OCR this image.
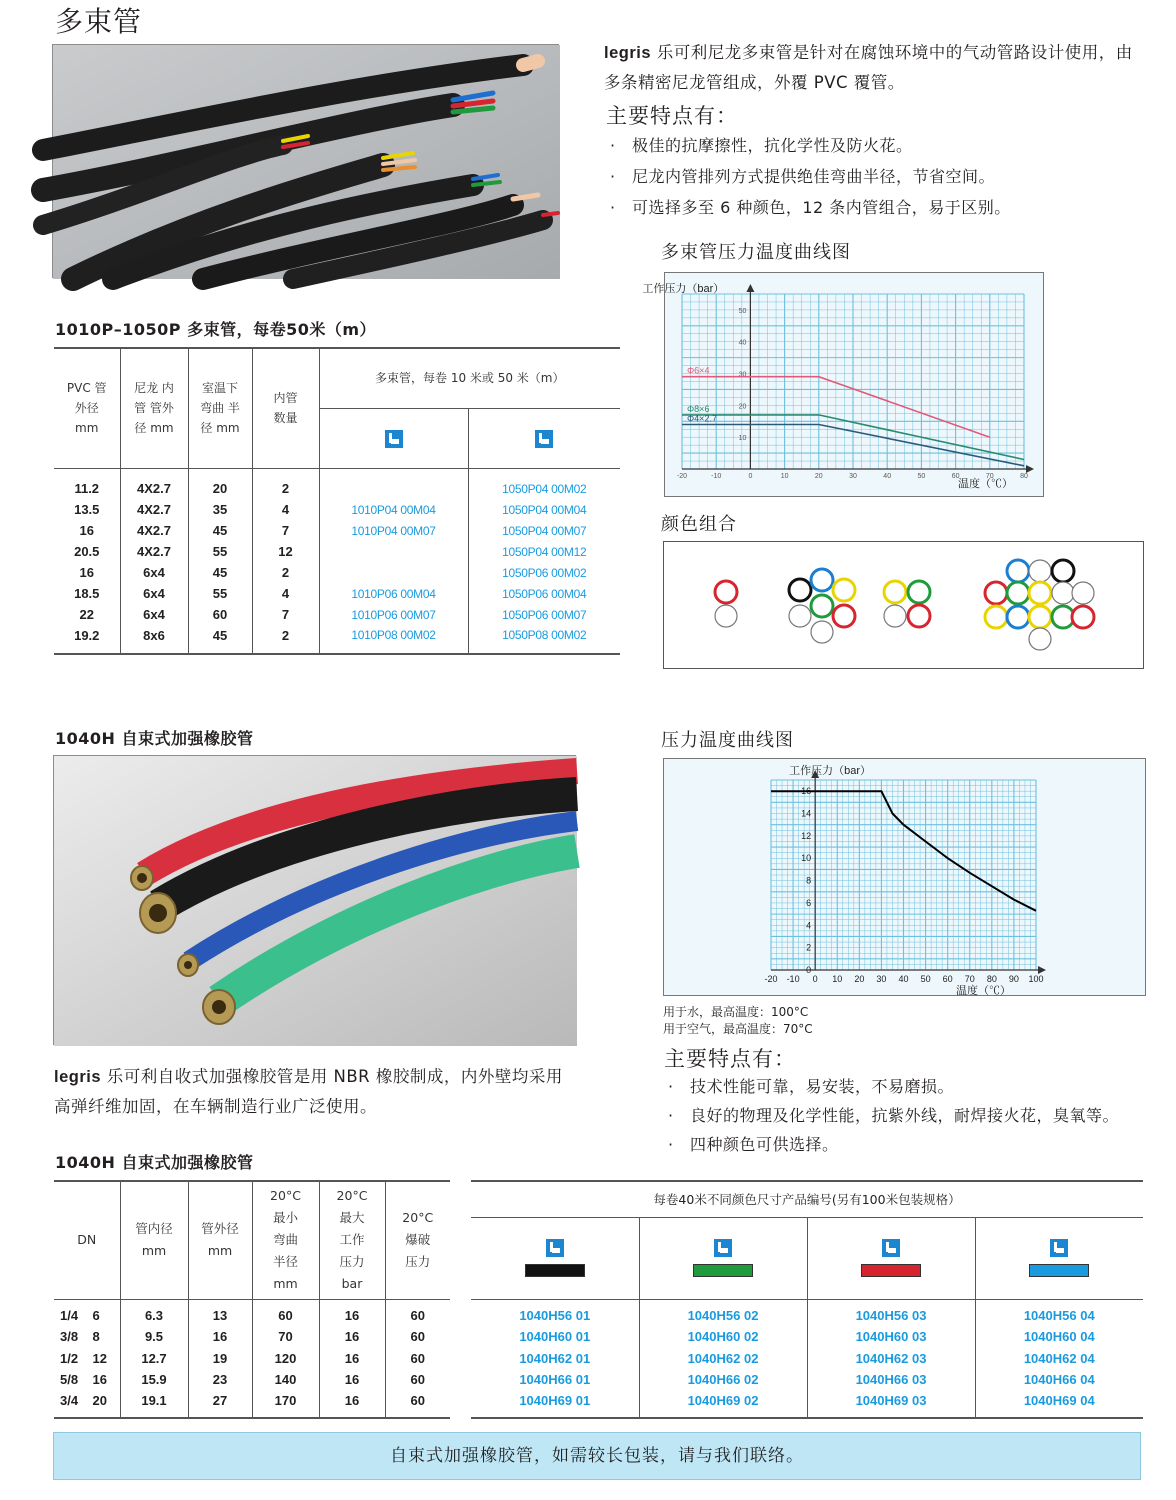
多束管
legris 乐可利尼龙多束管是针对在腐蚀环境中的气动管路设计使用，由多条精密尼龙管组成，外覆 PVC 覆管。
主要特点有：
· 极佳的抗摩擦性，抗化学性及防火花。
· 尼龙内管排列方式提供绝佳弯曲半径，节省空间。
· 可选择多至 6 种颜色，12 条内管组合，易于区别。
多束管压力温度曲线图
-20	-10	0	10	20	30	40	50	60	70	80
10
20
30
40
50
工作压力（bar）
温度（℃）
Φ6×4
Φ8×6
Φ4×2.7
颜色组合
1010P–1050P 多束管，每卷50米（m）
PVC 管外径 mm	尼龙 内管 管外径 mm	室温下 弯曲 半径 mm	内管 数量	多束管，每卷 10 米或 50 米（m）	

11.2	4X2.7	20	2		1050P04 00M02
13.5	4X2.7	35	4	1010P04 00M04	1050P04 00M04
16	4X2.7	45	7	1010P04 00M07	1050P04 00M07
20.5	4X2.7	55	12		1050P04 00M12
16	6x4	45	2		1050P06 00M02
18.5	6x4	55	4	1010P06 00M04	1050P06 00M04
22	6x4	60	7	1010P06 00M07	1050P06 00M07
19.2	8x6	45	2	1010P08 00M02	1050P08 00M02
1040H 自束式加强橡胶管
legris 乐可利自收式加强橡胶管是用 NBR 橡胶制成，内外壁均采用高弹纤维加固，在车辆制造行业广泛使用。
压力温度曲线图
-20 -10 0 10 20 30 40 50 60 70 80 90 100
0
2
4
6
8
10
12
14
16
工作压力（bar）
温度（℃）
用于水，最高温度：100°C
用于空气，最高温度：70°C
主要特点有：
· 技术性能可靠，易安装，不易磨损。
· 良好的物理及化学性能，抗紫外线，耐焊接火花，臭氧等。
· 四种颜色可供选择。
1040H 自束式加强橡胶管
DN	管内径 mm	管外径 mm	20°C 最小 弯曲 半径 mm	20°C 最大 工作 压力 bar	20°C 爆破 压力
1/4 6	6.3	13	60	16	60
3/8 8	9.5	16	70	16	60
1/2 12	12.7	19	120	16	60
5/8 16	15.9	23	140	16	60
3/4 20	19.1	27	170	16	60
每卷40米不同颜色尺寸产品编号(另有100米包装规格）			

1040H56 01	1040H56 02	1040H56 03	1040H56 04
1040H60 01	1040H60 02	1040H60 03	1040H60 04
1040H62 01	1040H62 02	1040H62 03	1040H62 04
1040H66 01	1040H66 02	1040H66 03	1040H66 04
1040H69 01	1040H69 02	1040H69 03	1040H69 04
自束式加强橡胶管，如需较长包装，请与我们联络。
